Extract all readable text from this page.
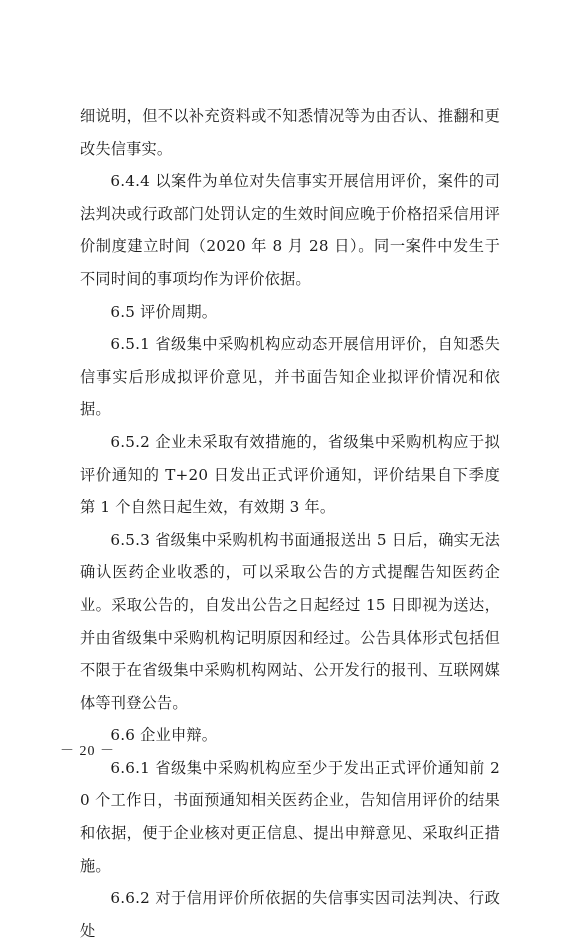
细说明，但不以补充资料或不知悉情况等为由否认、推翻和更改失信事实。

6.4.4 以案件为单位对失信事实开展信用评价，案件的司法判决或行政部门处罚认定的生效时间应晚于价格招采信用评价制度建立时间（2020 年 8 月 28 日）。同一案件中发生于不同时间的事项均作为评价依据。

6.5 评价周期。

6.5.1 省级集中采购机构应动态开展信用评价，自知悉失信事实后形成拟评价意见，并书面告知企业拟评价情况和依据。

6.5.2 企业未采取有效措施的，省级集中采购机构应于拟评价通知的 T+20 日发出正式评价通知，评价结果自下季度第 1 个自然日起生效，有效期 3 年。

6.5.3 省级集中采购机构书面通报送出 5 日后，确实无法确认医药企业收悉的，可以采取公告的方式提醒告知医药企业。采取公告的，自发出公告之日起经过 15 日即视为送达，并由省级集中采购机构记明原因和经过。公告具体形式包括但不限于在省级集中采购机构网站、公开发行的报刊、互联网媒体等刊登公告。

6.6 企业申辩。

6.6.1 省级集中采购机构应至少于发出正式评价通知前 20 个工作日，书面预通知相关医药企业，告知信用评价的结果和依据，便于企业核对更正信息、提出申辩意见、采取纠正措施。

6.6.2 对于信用评价所依据的失信事实因司法判决、行政处

－ 20 －
